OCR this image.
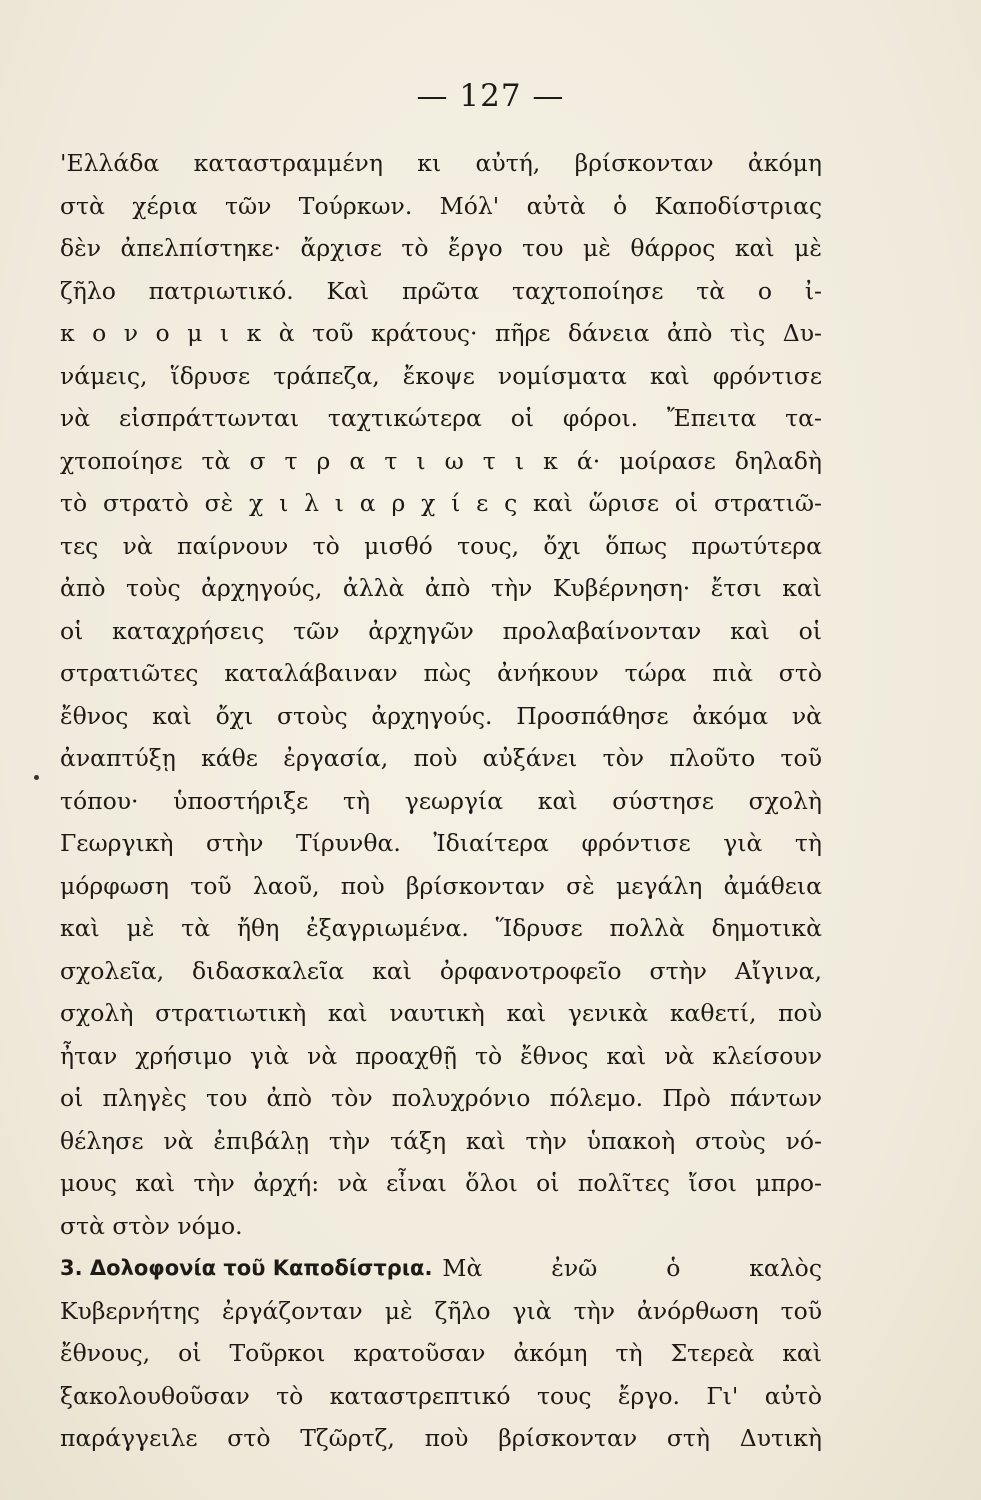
— 127 —
'Ελλάδα καταστραμμένη κι αὐτή, βρίσκονταν ἀκόμη
στὰ χέρια τῶν Τούρκων. Μόλ' αὐτὰ ὁ Καποδίστριας
δὲν ἀπελπίστηκε· ἄρχισε τὸ ἔργο του μὲ θάρρος καὶ μὲ
ζῆλο πατριωτικό. Καὶ πρῶτα ταχτοποίησε τὰ ο ἰ-
κ ο ν ο μ ι κ ὰ τοῦ κράτους· πῆρε δάνεια ἀπὸ τὶς Δυ-
νάμεις, ἵδρυσε τράπεζα, ἔκοψε νομίσματα καὶ φρόντισε
νὰ εἰσπράττωνται ταχτικώτερα οἱ φόροι. Ἔπειτα τα-
χτοποίησε τὰ σ τ ρ α τ ι ω τ ι κ ά· μοίρασε δηλαδὴ
τὸ στρατὸ σὲ χ ι λ ι α ρ χ ί ε ς καὶ ὥρισε οἱ στρατιῶ-
τες νὰ παίρνουν τὸ μισθό τους, ὄχι ὅπως πρωτύτερα
ἀπὸ τοὺς ἀρχηγούς, ἀλλὰ ἀπὸ τὴν Κυβέρνηση· ἔτσι καὶ
οἱ καταχρήσεις τῶν ἀρχηγῶν προλαβαίνονταν καὶ οἱ
στρατιῶτες καταλάβαιναν πὼς ἀνήκουν τώρα πιὰ στὸ
ἔθνος καὶ ὄχι στοὺς ἀρχηγούς. Προσπάθησε ἀκόμα νὰ
ἀναπτύξῃ κάθε ἐργασία, ποὺ αὐξάνει τὸν πλοῦτο τοῦ
τόπου· ὑποστήριξε τὴ γεωργία καὶ σύστησε σχολὴ
Γεωργικὴ στὴν Τίρυνθα. Ἰδιαίτερα φρόντισε γιὰ τὴ
μόρφωση τοῦ λαοῦ, ποὺ βρίσκονταν σὲ μεγάλη ἀμάθεια
καὶ μὲ τὰ ἤθη ἐξαγριωμένα. Ἵδρυσε πολλὰ δημοτικὰ
σχολεῖα, διδασκαλεῖα καὶ ὀρφανοτροφεῖο στὴν Αἴγινα,
σχολὴ στρατιωτικὴ καὶ ναυτικὴ καὶ γενικὰ καθετί, ποὺ
ἦταν χρήσιμο γιὰ νὰ προαχθῇ τὸ ἔθνος καὶ νὰ κλείσουν
οἱ πληγὲς του ἀπὸ τὸν πολυχρόνιο πόλεμο. Πρὸ πάντων
θέλησε νὰ ἐπιβάλῃ τὴν τάξη καὶ τὴν ὑπακοὴ στοὺς νό-
μους καὶ τὴν ἀρχή: νὰ εἶναι ὅλοι οἱ πολῖτες ἴσοι μπρο-
στὰ στὸν νόμο.
3. Δολοφονία τοῦ Καποδίστρια. Μὰ ἐνῶ ὁ καλὸς
Κυβερνήτης ἐργάζονταν μὲ ζῆλο γιὰ τὴν ἀνόρθωση τοῦ
ἔθνους, οἱ Τοῦρκοι κρατοῦσαν ἀκόμη τὴ Στερεὰ καὶ
ξακολουθοῦσαν τὸ καταστρεπτικό τους ἔργο. Γι' αὐτὸ
παράγγειλε στὸ Τζῶρτζ, ποὺ βρίσκονταν στὴ Δυτικὴ
